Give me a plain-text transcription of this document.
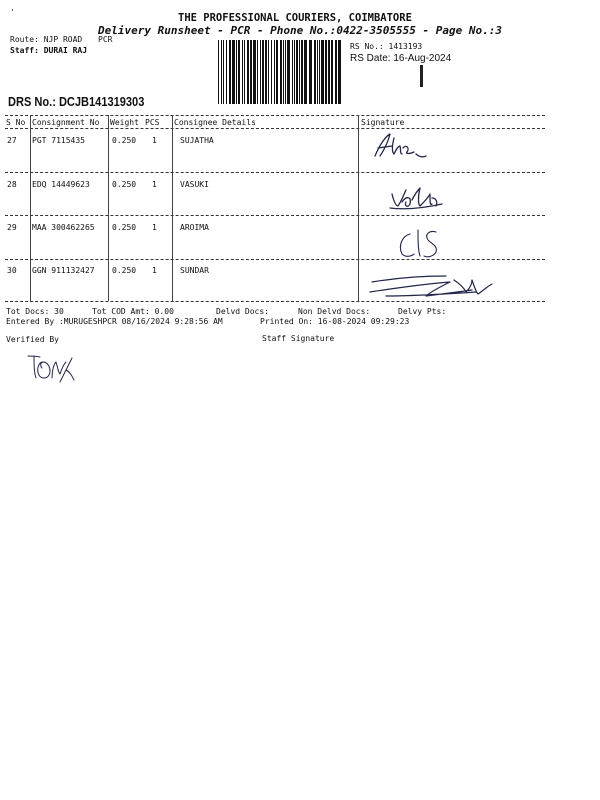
'	THE PROFESSIONAL COURIERS, COIMBATORE
Delivery Runsheet - PCR - Phone No.:0422-3505555 - Page No.:3
Route: NJP ROAD PCR
Staff: DURAI RAJ	RS No.: 1413193
RS Date: 16-Aug-2024
DRS No.: DCJB141319303
S No Consignment No Weight PCS Consignee Details	Signature
27 PGT 7115435	0.250 1	SUJATHA
28 EDQ 14449623	0.250 1	VASUKI
29 MAA 300462265 0.250 1	AROIMA
30 GGN 911132427 0.250 1	SUNDAR
Tot Docs: 30	Tot COD Amt: 0.00	Delvd Docs:	Non Delvd Docs:	Delvy Pts:
Entered By :MURUGESHPCR 08/16/2024 9:28:56 AM	Printed On: 16-08-2024 09:29:23
Verified By	Staff Signature
